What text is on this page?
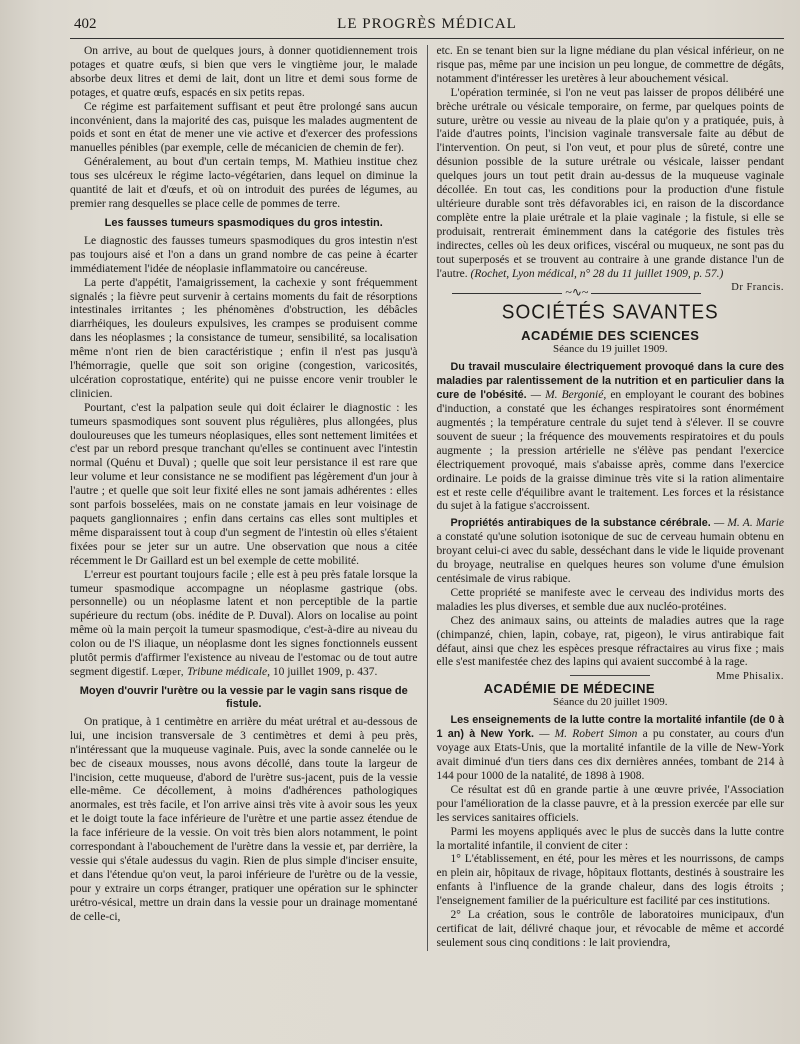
402	LE PROGRÈS MÉDICAL

On arrive, au bout de quelques jours, à donner quotidiennement trois potages et quatre œufs, si bien que vers le vingtième jour, le malade absorbe deux litres et demi de lait, dont un litre et demi sous forme de potages, et quatre œufs, espacés en six petits repas.

Ce régime est parfaitement suffisant et peut être prolongé sans aucun inconvénient, dans la majorité des cas, puisque les malades augmentent de poids et sont en état de mener une vie active et d'exercer des professions manuelles pénibles (par exemple, celle de mécanicien de chemin de fer).

Généralement, au bout d'un certain temps, M. Mathieu institue chez tous ses ulcéreux le régime lacto-végétarien, dans lequel on diminue la quantité de lait et d'œufs, et où on introduit des purées de légumes, au premier rang desquelles se place celle de pommes de terre.

Les fausses tumeurs spasmodiques du gros intestin.

Le diagnostic des fausses tumeurs spasmodiques du gros intestin n'est pas toujours aisé et l'on a dans un grand nombre de cas peine à écarter immédiatement l'idée de néoplasie inflammatoire ou cancéreuse.

La perte d'appétit, l'amaigrissement, la cachexie y sont fréquemment signalés ; la fièvre peut survenir à certains moments du fait de résorptions intestinales irritantes ; les phénomènes d'obstruction, les débâcles diarrhéiques, les douleurs expulsives, les crampes se produisent comme dans les néoplasmes ; la consistance de tumeur, sensibilité, sa localisation même n'ont rien de bien caractéristique ; enfin il n'est pas jusqu'à l'hémorragie, quelle que soit son origine (congestion, varicosités, ulcération coprostatique, entérite) qui ne puisse encore venir troubler le clinicien.

Pourtant, c'est la palpation seule qui doit éclairer le diagnostic : les tumeurs spasmodiques sont souvent plus régulières, plus allongées, plus douloureuses que les tumeurs néoplasiques, elles sont nettement limitées et c'est par un rebord presque tranchant qu'elles se continuent avec l'intestin normal (Quénu et Duval) ; quelle que soit leur persistance il est rare que leur volume et leur consistance ne se modifient pas légèrement d'un jour à l'autre ; et quelle que soit leur fixité elles ne sont jamais adhérentes : elles sont parfois bosselées, mais on ne constate jamais en leur voisinage de paquets ganglionnaires ; enfin dans certains cas elles sont multiples et même disparaissent tout à coup d'un segment de l'intestin où elles s'étaient fixées pour se jeter sur un autre. Une observation que nous a citée récemment le Dr Gaillard est un bel exemple de cette mobilité.

L'erreur est pourtant toujours facile ; elle est à peu près fatale lorsque la tumeur spasmodique accompagne un néoplasme gastrique (obs. personnelle) ou un néoplasme latent et non perceptible de la partie supérieure du rectum (obs. inédite de P. Duval). Alors on localise au point même où la main perçoit la tumeur spasmodique, c'est-à-dire au niveau du colon ou de l'S iliaque, un néoplasme dont les signes fonctionnels eussent plutôt permis d'affirmer l'existence au niveau de l'estomac ou de tout autre segment digestif. Lœper, Tribune médicale, 10 juillet 1909, p. 437.

Moyen d'ouvrir l'urètre ou la vessie par le vagin sans risque de fistule.

On pratique, à 1 centimètre en arrière du méat urétral et au-dessous de lui, une incision transversale de 3 centimètres et demi à peu près, n'intéressant que la muqueuse vaginale. Puis, avec la sonde cannelée ou le bec de ciseaux mousses, nous avons décollé, dans toute la largeur de l'incision, cette muqueuse, d'abord de l'urètre sus-jacent, puis de la vessie elle-même. Ce décollement, à moins d'adhérences pathologiques anormales, est très facile, et l'on arrive ainsi très vite à avoir sous les yeux et le doigt toute la face inférieure de l'urètre et une partie assez étendue de la face inférieure de la vessie. On voit très bien alors notamment, le point correspondant à l'abouchement de l'urètre dans la vessie et, par derrière, la vessie qui s'étale audessus du vagin. Rien de plus simple d'inciser ensuite, et dans l'étendue qu'on veut, la paroi inférieure de l'urètre ou de la vessie, pour y extraire un corps étranger, pratiquer une opération sur le sphincter urétro-vésical, mettre un drain dans la vessie pour un drainage momentané de celle-ci,

etc. En se tenant bien sur la ligne médiane du plan vésical inférieur, on ne risque pas, même par une incision un peu longue, de commettre de dégâts, notamment d'intéresser les uretères à leur abouchement vésical.

L'opération terminée, si l'on ne veut pas laisser de propos délibéré une brèche urétrale ou vésicale temporaire, on ferme, par quelques points de suture, urètre ou vessie au niveau de la plaie qu'on y a pratiquée, puis, à l'aide d'autres points, l'incision vaginale transversale faite au début de l'intervention. On peut, si l'on veut, et pour plus de sûreté, contre une désunion possible de la suture urétrale ou vésicale, laisser pendant quelques jours un tout petit drain au-dessus de la muqueuse vaginale décollée. En tout cas, les conditions pour la production d'une fistule ultérieure durable sont très défavorables ici, en raison de la discordance complète entre la plaie urétrale et la plaie vaginale ; la fistule, si elle se produisait, rentrerait éminemment dans la catégorie des fistules très indirectes, celles où les deux orifices, viscéral ou muqueux, ne sont pas du tout superposés et se trouvent au contraire à une grande distance l'un de l'autre. (Rochet, Lyon médical, n° 28 du 11 juillet 1909, p. 57.)
Dr Francis.

~∿~
SOCIÉTÉS SAVANTES
ACADÉMIE DES SCIENCES
Séance du 19 juillet 1909.

Du travail musculaire électriquement provoqué dans la cure des maladies par ralentissement de la nutrition et en particulier dans la cure de l'obésité. — M. Bergonié, en employant le courant des bobines d'induction, a constaté que les échanges respiratoires sont énormément augmentés ; la température centrale du sujet tend à s'élever. Il se couvre souvent de sueur ; la fréquence des mouvements respiratoires et du pouls augmente ; la pression artérielle ne s'élève pas pendant l'exercice électriquement provoqué, mais s'abaisse après, comme dans l'exercice ordinaire. Le poids de la graisse diminue très vite si la ration alimentaire est et reste celle d'équilibre avant le traitement. Les forces et la résistance du sujet à la fatigue s'accroissent.

Propriétés antirabiques de la substance cérébrale. — M. A. Marie a constaté qu'une solution isotonique de suc de cerveau humain obtenu en broyant celui-ci avec du sable, desséchant dans le vide le liquide provenant du broyage, neutralise en quelques heures son volume d'une émulsion centésimale de virus rabique.

Cette propriété se manifeste avec le cerveau des individus morts des maladies les plus diverses, et semble due aux nucléo-protéines.

Chez des animaux sains, ou atteints de maladies autres que la rage (chimpanzé, chien, lapin, cobaye, rat, pigeon), le virus antirabique fait défaut, ainsi que chez les espèces presque réfractaires au virus fixe ; mais elle s'est manifestée chez des lapins qui avaient succombé à la rage.
Mme Phisalix.

ACADÉMIE DE MÉDECINE
Séance du 20 juillet 1909.

Les enseignements de la lutte contre la mortalité infantile (de 0 à 1 an) à New York. — M. Robert Simon a pu constater, au cours d'un voyage aux Etats-Unis, que la mortalité infantile de la ville de New-York avait diminué d'un tiers dans ces dix dernières années, tombant de 214 à 144 pour 1000 de la natalité, de 1898 à 1908.

Ce résultat est dû en grande partie à une œuvre privée, l'Association pour l'amélioration de la classe pauvre, et à la pression exercée par elle sur les services sanitaires officiels.

Parmi les moyens appliqués avec le plus de succès dans la lutte contre la mortalité infantile, il convient de citer :

1° L'établissement, en été, pour les mères et les nourrissons, de camps en plein air, hôpitaux de rivage, hôpitaux flottants, destinés à soustraire les enfants à l'influence de la grande chaleur, dans des logis étroits ; l'enseignement familier de la puériculture est facilité par ces institutions.

2° La création, sous le contrôle de laboratoires municipaux, d'un certificat de lait, délivré chaque jour, et révocable de même et accordé seulement sous cinq conditions : le lait proviendra,
